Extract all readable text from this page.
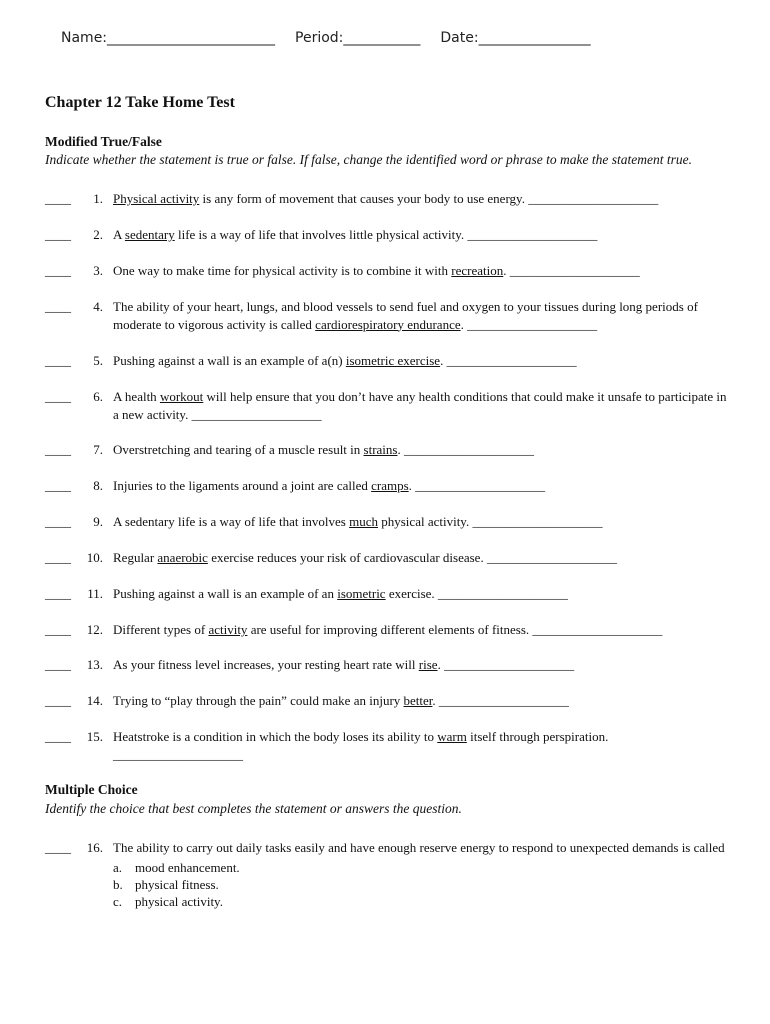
Name:________________________ Period:___________ Date:________________
Chapter 12 Take Home Test
Modified True/False
Indicate whether the statement is true or false. If false, change the identified word or phrase to make the statement true.
____	1. Physical activity is any form of movement that causes your body to use energy. ____________________
____	2. A sedentary life is a way of life that involves little physical activity. ____________________
____	3. One way to make time for physical activity is to combine it with recreation. ____________________
____	4. The ability of your heart, lungs, and blood vessels to send fuel and oxygen to your tissues during long periods of moderate to vigorous activity is called cardiorespiratory endurance. ____________________
____	5. Pushing against a wall is an example of a(n) isometric exercise. ____________________
____	6. A health workout will help ensure that you don’t have any health conditions that could make it unsafe to participate in a new activity. ____________________
____	7. Overstretching and tearing of a muscle result in strains. ____________________
____	8. Injuries to the ligaments around a joint are called cramps. ____________________
____	9. A sedentary life is a way of life that involves much physical activity. ____________________
____ 10. Regular anaerobic exercise reduces your risk of cardiovascular disease. ____________________
____	11. Pushing against a wall is an example of an isometric exercise. ____________________
____ 12. Different types of activity are useful for improving different elements of fitness. ____________________
____ 13. As your fitness level increases, your resting heart rate will rise. ____________________
____ 14. Trying to “play through the pain” could make an injury better. ____________________
____ 15. Heatstroke is a condition in which the body loses its ability to warm itself through perspiration. ____________________
Multiple Choice
Identify the choice that best completes the statement or answers the question.
____ 16. The ability to carry out daily tasks easily and have enough reserve energy to respond to unexpected demands is called
a. mood enhancement.
b. physical fitness.
c. physical activity.
